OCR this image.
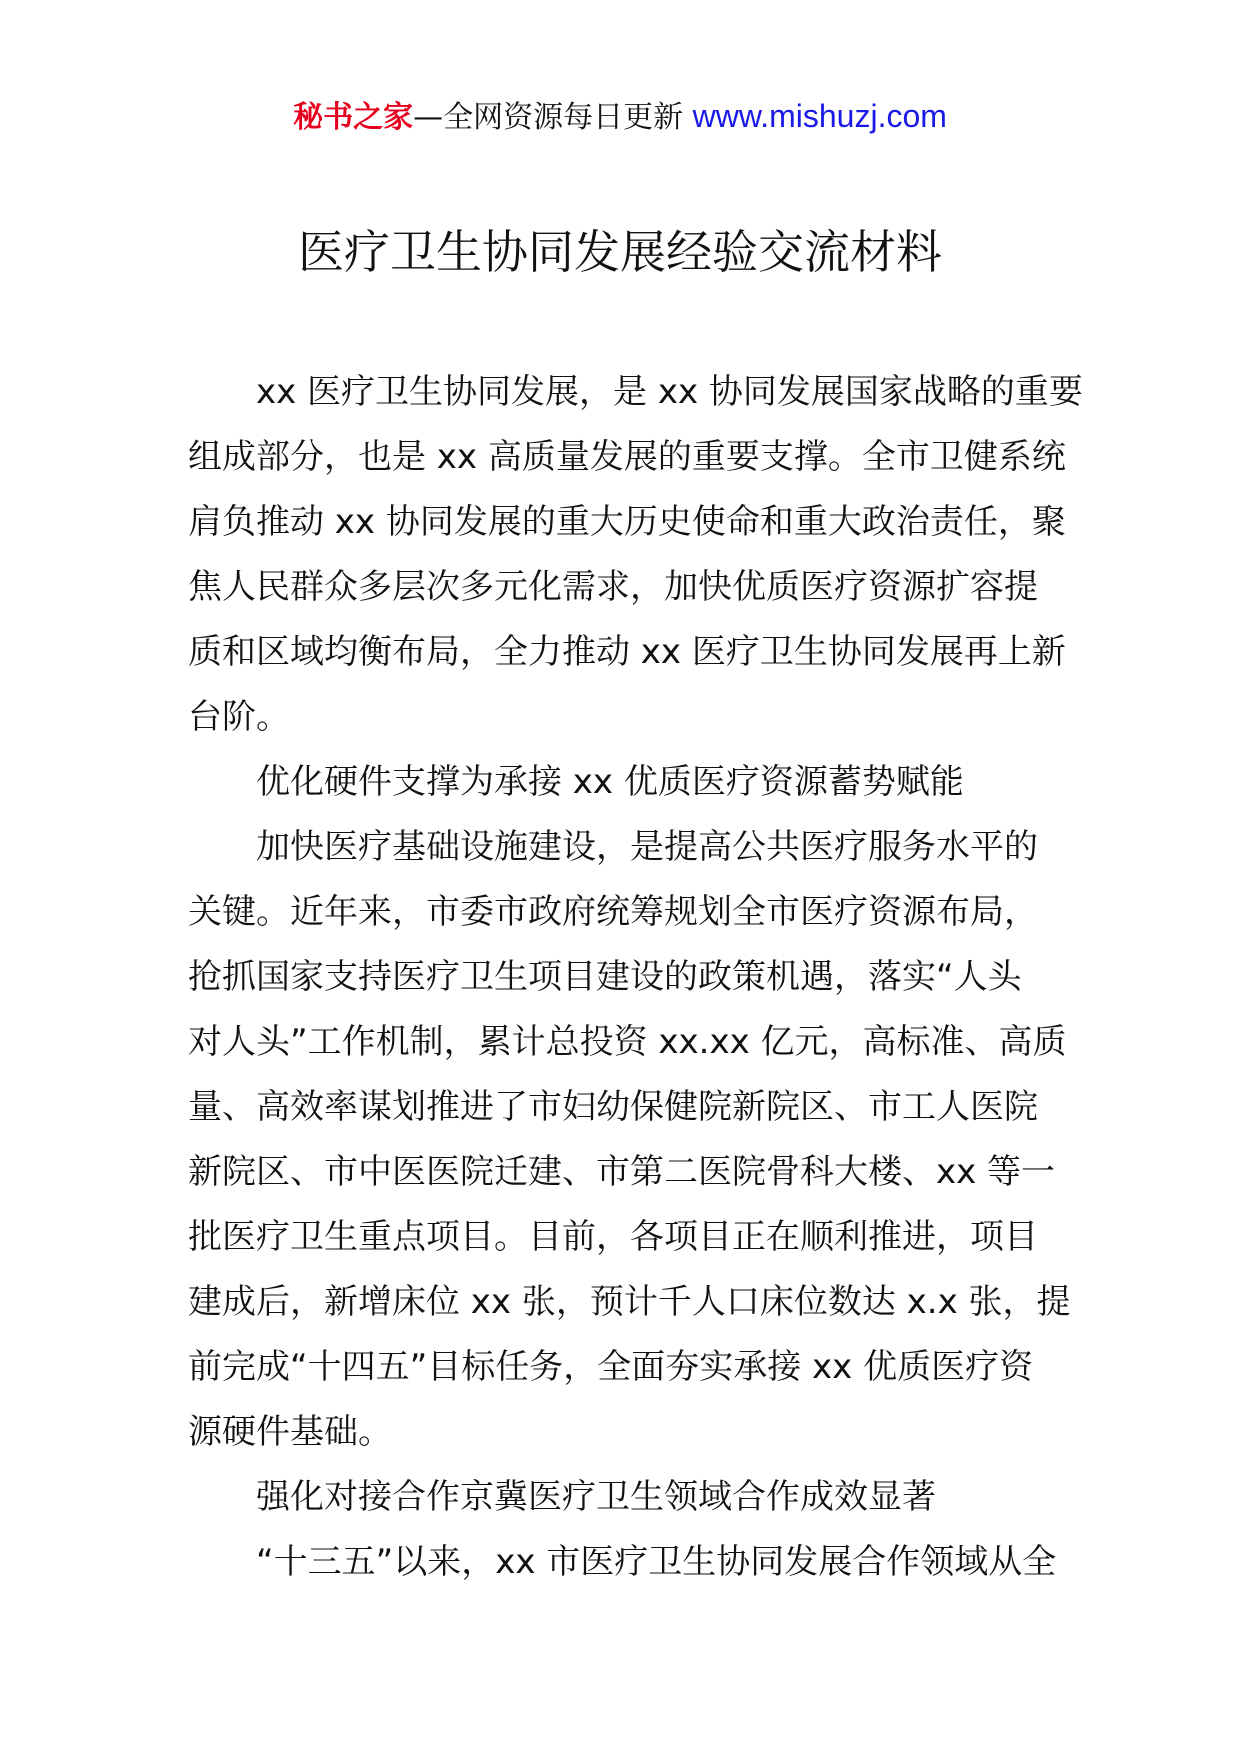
秘书之家—全网资源每日更新 www.mishuzj.com
医疗卫生协同发展经验交流材料
xx 医疗卫生协同发展，是 xx 协同发展国家战略的重要
组成部分，也是 xx 高质量发展的重要支撑。全市卫健系统
肩负推动 xx 协同发展的重大历史使命和重大政治责任，聚
焦人民群众多层次多元化需求，加快优质医疗资源扩容提
质和区域均衡布局，全力推动 xx 医疗卫生协同发展再上新
台阶。
优化硬件支撑为承接 xx 优质医疗资源蓄势赋能
加快医疗基础设施建设，是提高公共医疗服务水平的
关键。近年来，市委市政府统筹规划全市医疗资源布局，
抢抓国家支持医疗卫生项目建设的政策机遇，落实“人头
对人头”工作机制，累计总投资 xx.xx 亿元，高标准、高质
量、高效率谋划推进了市妇幼保健院新院区、市工人医院
新院区、市中医医院迁建、市第二医院骨科大楼、xx 等一
批医疗卫生重点项目。目前，各项目正在顺利推进，项目
建成后，新增床位 xx 张，预计千人口床位数达 x.x 张，提
前完成“十四五”目标任务，全面夯实承接 xx 优质医疗资
源硬件基础。
强化对接合作京冀医疗卫生领域合作成效显著
“十三五”以来，xx 市医疗卫生协同发展合作领域从全
